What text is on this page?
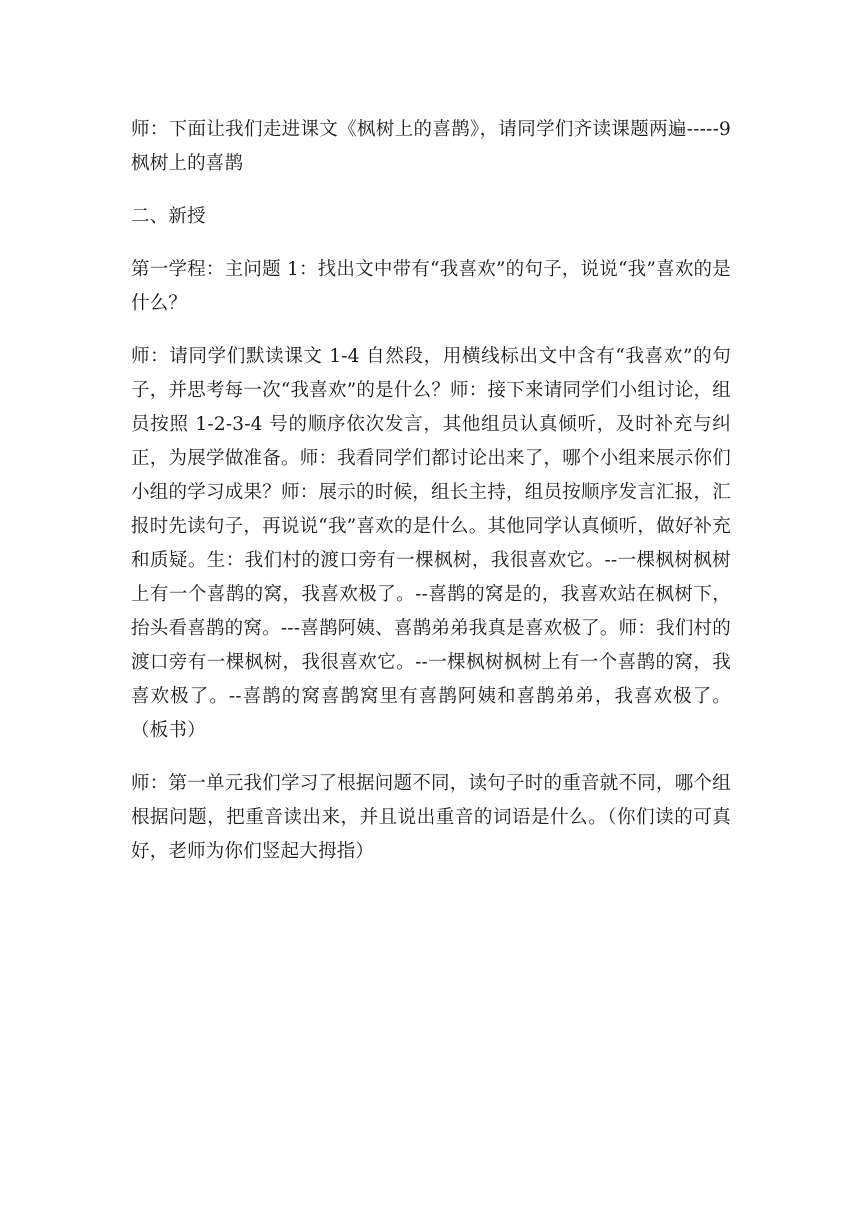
师：下面让我们走进课文《枫树上的喜鹊》，请同学们齐读课题两遍-----9 枫树上的喜鹊

二、新授

第一学程：主问题 1：找出文中带有“我喜欢”的句子，说说“我”喜欢的是什么？

师：请同学们默读课文 1-4 自然段，用横线标出文中含有“我喜欢”的句子，并思考每一次“我喜欢”的是什么？师：接下来请同学们小组讨论，组员按照 1-2-3-4 号的顺序依次发言，其他组员认真倾听，及时补充与纠正，为展学做准备。师：我看同学们都讨论出来了，哪个小组来展示你们小组的学习成果？师：展示的时候，组长主持，组员按顺序发言汇报，汇报时先读句子，再说说“我”喜欢的是什么。其他同学认真倾听，做好补充和质疑。生：我们村的渡口旁有一棵枫树，我很喜欢它。--一棵枫树枫树上有一个喜鹊的窝，我喜欢极了。--喜鹊的窝是的，我喜欢站在枫树下，抬头看喜鹊的窝。---喜鹊阿姨、喜鹊弟弟我真是喜欢极了。师：我们村的渡口旁有一棵枫树，我很喜欢它。--一棵枫树枫树上有一个喜鹊的窝，我喜欢极了。--喜鹊的窝喜鹊窝里有喜鹊阿姨和喜鹊弟弟，我喜欢极了。（板书）

师：第一单元我们学习了根据问题不同，读句子时的重音就不同，哪个组根据问题，把重音读出来，并且说出重音的词语是什么。（你们读的可真好，老师为你们竖起大拇指）
